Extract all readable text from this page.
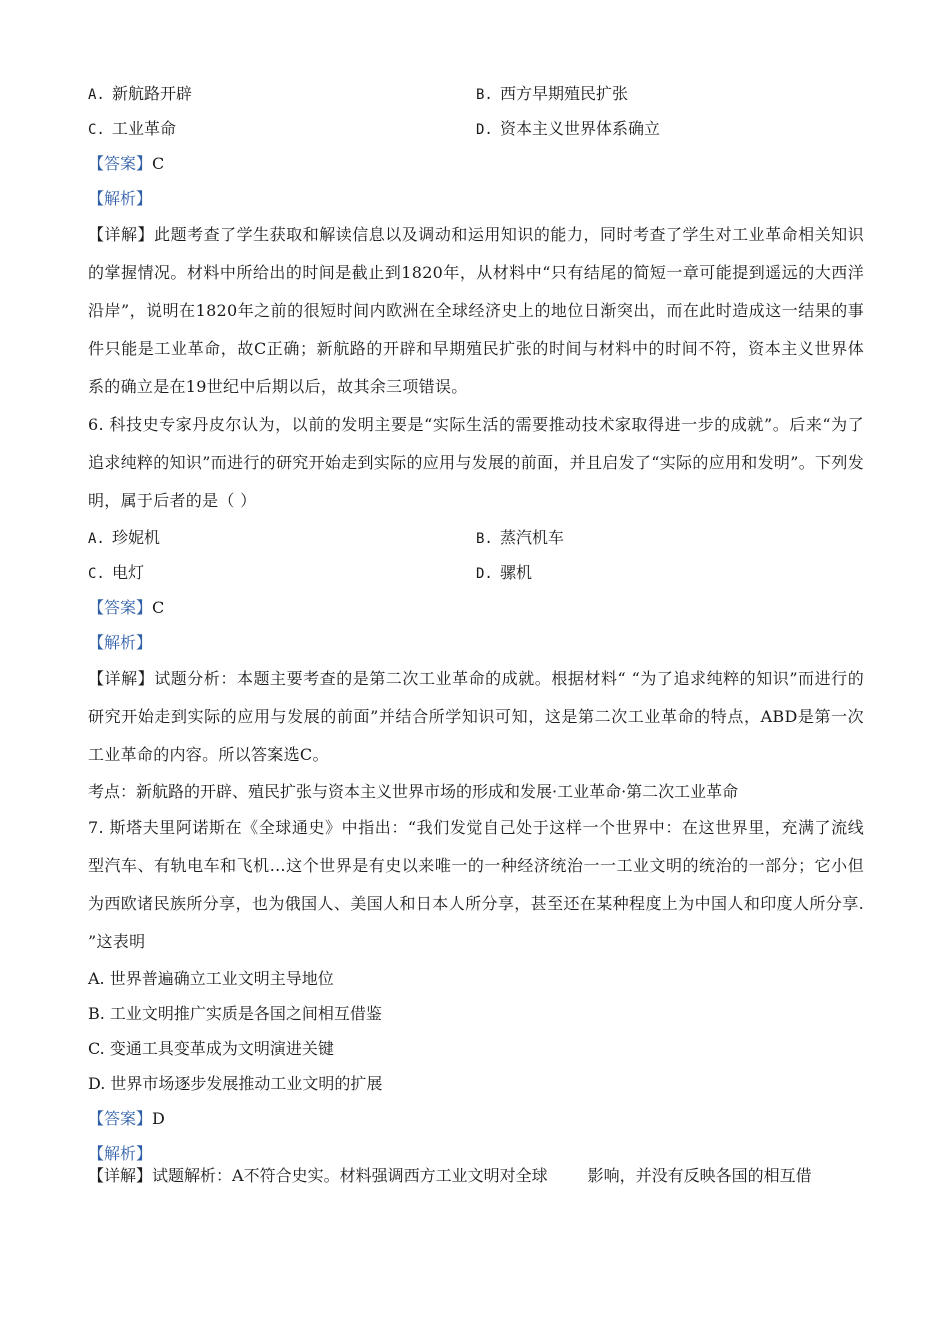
A. 新航路开辟	B. 西方早期殖民扩张
C. 工业革命	D. 资本主义世界体系确立
【答案】C
【解析】
【详解】此题考查了学生获取和解读信息以及调动和运用知识的能力，同时考查了学生对工业革命相关知识的掌握情况。材料中所给出的时间是截止到1820年，从材料中“只有结尾的简短一章可能提到遥远的大西洋沿岸”，说明在1820年之前的很短时间内欧洲在全球经济史上的地位日渐突出，而在此时造成这一结果的事件只能是工业革命，故C正确；新航路的开辟和早期殖民扩张的时间与材料中的时间不符，资本主义世界体系的确立是在19世纪中后期以后，故其余三项错误。
6. 科技史专家丹皮尔认为，以前的发明主要是“实际生活的需要推动技术家取得进一步的成就”。后来“为了追求纯粹的知识”而进行的研究开始走到实际的应用与发展的前面，并且启发了“实际的应用和发明”。下列发明，属于后者的是（ ）
A. 珍妮机	B. 蒸汽机车
C. 电灯	D. 骡机
【答案】C
【解析】
【详解】试题分析：本题主要考查的是第二次工业革命的成就。根据材料“ “为了追求纯粹的知识”而进行的研究开始走到实际的应用与发展的前面”并结合所学知识可知，这是第二次工业革命的特点，ABD是第一次工业革命的内容。所以答案选C。
考点：新航路的开辟、殖民扩张与资本主义世界市场的形成和发展·工业革命·第二次工业革命
7. 斯塔夫里阿诺斯在《全球通史》中指出：“我们发觉自己处于这样一个世界中：在这世界里，充满了流线型汽车、有轨电车和飞机…这个世界是有史以来唯一的一种经济统治一一工业文明的统治的一部分；它小但为西欧诸民族所分享，也为俄国人、美国人和日本人所分享，甚至还在某种程度上为中国人和印度人所分享. ”这表明
A. 世界普遍确立工业文明主导地位
B. 工业文明推广实质是各国之间相互借鉴
C. 变通工具变革成为文明演进关键
D. 世界市场逐步发展推动工业文明的扩展
【答案】D
【解析】
【详解】试题解析：A不符合史实。材料强调西方工业文明对全球	影响，并没有反映各国的相互借
